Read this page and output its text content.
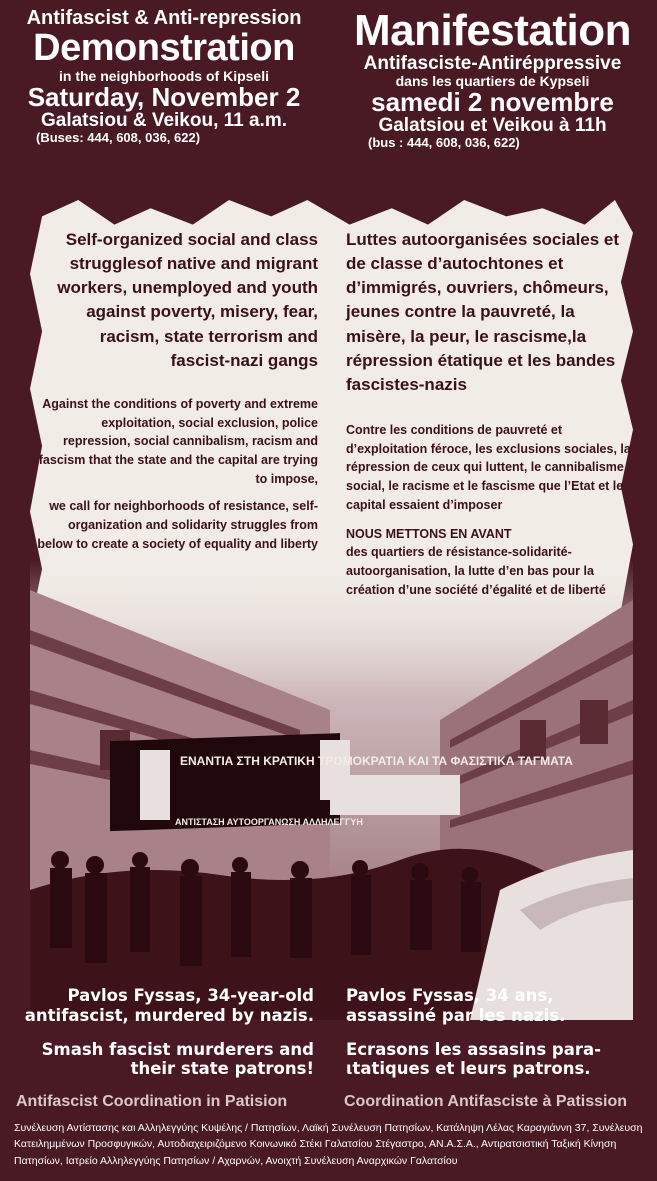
Antifascist & Anti-repression
Demonstration
in the neighborhoods of Kipseli
Saturday, November 2
Galatsiou & Veikou, 11 a.m.
(Buses: 444, 608, 036, 622)
Manifestation
Antifasciste-Antiréppressive
dans les quartiers de Kypseli
samedi 2 novembre
Galatsiou et Veikou à 11h
(bus : 444, 608, 036, 622)
ΕΝΑΝΤΙΑ ΣΤΗ ΚΡΑΤΙΚΗ ΤΡΟΜΟΚΡΑΤΙΑ ΚΑΙ ΤΑ ΦΑΣΙΣΤΙΚΑ ΤΑΓΜΑΤΑ
ΑΝΤΙΣΤΑΣΗ ΑΥΤΟΟΡΓΑΝΩΣΗ ΑΛΛΗΛΕΓΓΥΗ
Self-organized social and class strugglesof native and migrant workers, unemployed and youth against poverty, misery, fear, racism, state terrorism and fascist-nazi gangs
Against the conditions of poverty and extreme exploitation, social exclusion, police repression, social cannibalism, racism and fascism that the state and the capital are trying to impose,
we call for neighborhoods of resistance, self-organization and solidarity struggles from below to create a society of equality and liberty
Luttes autoorganisées sociales et de classe d’autochtones et d’immigrés, ouvriers, chômeurs, jeunes contre la pauvreté, la misère, la peur, le rascisme,la répression étatique et les bandes fascistes-nazis
Contre les conditions de pauvreté et d’exploitation féroce, les exclusions sociales, la répression de ceux qui luttent, le cannibalisme social, le racisme et le fascisme que l’Etat et le capital essaient d’imposer
NOUS METTONS EN AVANT
des quartiers de résistance-solidarité-autoorganisation, la lutte d’en bas pour la création d’une société d’égalité et de liberté
Pavlos Fyssas, 34-year-old antifascist, murdered by nazis.
Smash fascist murderers and their state patrons!
Pavlos Fyssas, 34 ans, assassiné par les nazis.
Ecrasons les assasins para-ιtatiques et leurs patrons.
Antifascist Coordination in Patision	Coordination Antifasciste à Patission
Συνέλευση Αντίστασης και Αλληλεγγύης Κυψέλης / Πατησίων, Λαϊκή Συνέλευση Πατησίων, Κατάληψη Λέλας Καραγιάννη 37, Συνέλευση Κατειλημμένων Προσφυγικών, Αυτοδιαχειριζόμενο Κοινωνικό Στέκι Γαλατσίου Στέγαστρο, ΑΝ.Α.Σ.Α., Αντιρατσιστική Ταξική Κίνηση Πατησίων, Ιατρείο Αλληλεγγύης Πατησίων / Αχαρνών, Ανοιχτή Συνέλευση Αναρχικών Γαλατσίου
